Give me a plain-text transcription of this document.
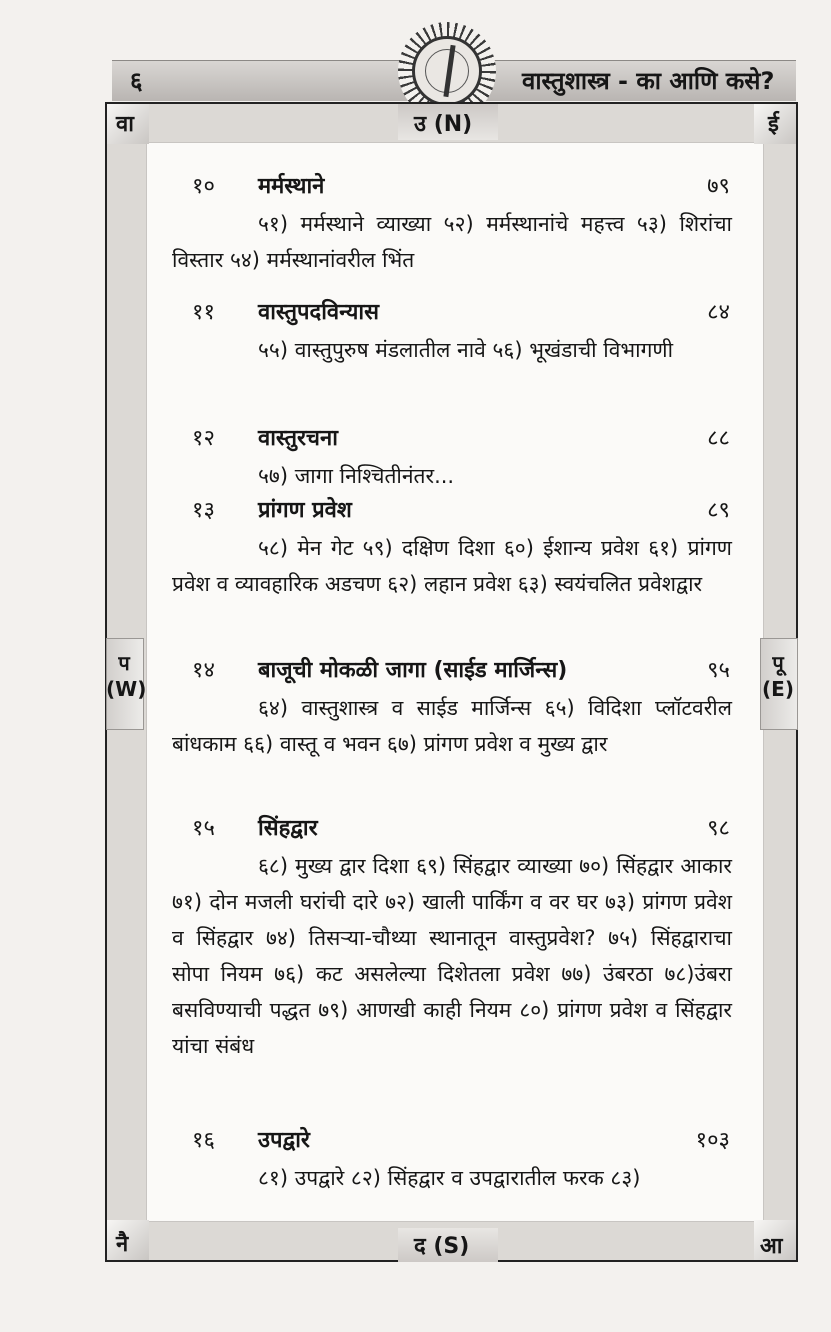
६	वास्तुशास्त्र - का आणि कसे?
वा	उ (N)	ई
नै	द (S)	आ
प
(W)
पू
(E)
१० मर्मस्थाने	७९

५१) मर्मस्थाने व्याख्या ५२) मर्मस्थानांचे महत्त्व ५३) शिरांचा विस्तार ५४) मर्मस्थानांवरील भिंत

११ वास्तुपदविन्यास	८४

५५) वास्तुपुरुष मंडलातील नावे ५६) भूखंडाची विभागणी

१२ वास्तुरचना	८८

५७) जागा निश्चितीनंतर...

१३ प्रांगण प्रवेश	८९

५८) मेन गेट ५९) दक्षिण दिशा ६०) ईशान्य प्रवेश ६१) प्रांगण प्रवेश व व्यावहारिक अडचण ६२) लहान प्रवेश ६३) स्वयंचलित प्रवेशद्वार

१४ बाजूची मोकळी जागा (साईड मार्जिन्स)	९५

६४) वास्तुशास्त्र व साईड मार्जिन्स ६५) विदिशा प्लॉटवरील बांधकाम ६६) वास्तू व भवन ६७) प्रांगण प्रवेश व मुख्य द्वार

१५ सिंहद्वार	९८

६८) मुख्य द्वार दिशा ६९) सिंहद्वार व्याख्या ७०) सिंहद्वार आकार ७१) दोन मजली घरांची दारे ७२) खाली पार्किंग व वर घर ७३) प्रांगण प्रवेश व सिंहद्वार ७४) तिसऱ्या-चौथ्या स्थानातून वास्तुप्रवेश? ७५) सिंहद्वाराचा सोपा नियम ७६) कट असलेल्या दिशेतला प्रवेश ७७) उंबरठा ७८)उंबरा बसविण्याची पद्धत ७९) आणखी काही नियम ८०) प्रांगण प्रवेश व सिंहद्वार यांचा संबंध

१६ उपद्वारे	१०३

८१) उपद्वारे ८२) सिंहद्वार व उपद्वारातील फरक ८३)
